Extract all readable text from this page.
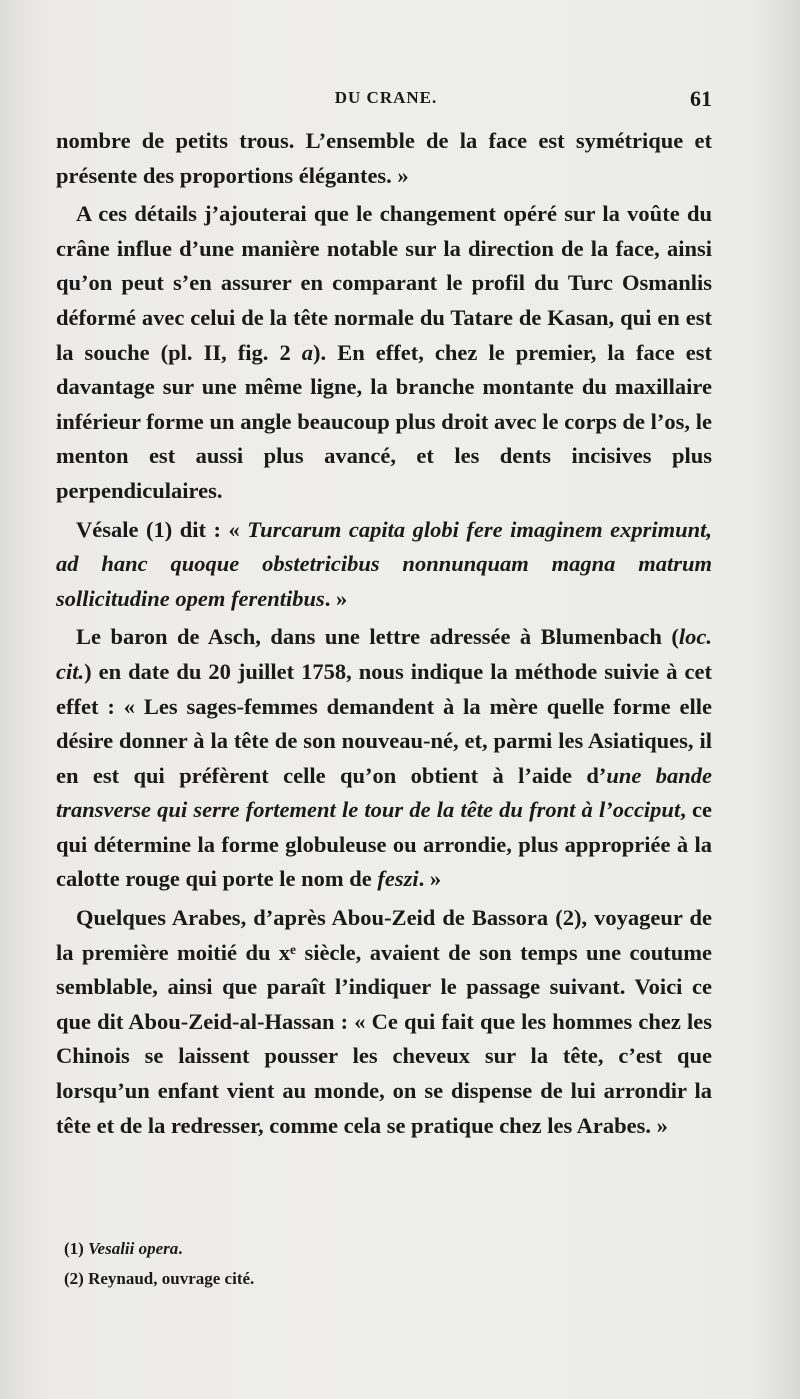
DU CRANE.	61

nombre de petits trous. L’ensemble de la face est symétrique et présente des proportions élégantes. »

A ces détails j’ajouterai que le changement opéré sur la voûte du crâne influe d’une manière notable sur la direction de la face, ainsi qu’on peut s’en assurer en comparant le profil du Turc Osmanlis déformé avec celui de la tête normale du Tatare de Kasan, qui en est la souche (pl. II, fig. 2 a). En effet, chez le premier, la face est davantage sur une même ligne, la branche montante du maxillaire inférieur forme un angle beaucoup plus droit avec le corps de l’os, le menton est aussi plus avancé, et les dents incisives plus perpendiculaires.

Vésale (1) dit : « Turcarum capita globi fere imaginem exprimunt, ad hanc quoque obstetricibus nonnunquam magna matrum sollicitudine opem ferentibus. »

Le baron de Asch, dans une lettre adressée à Blumenbach (loc. cit.) en date du 20 juillet 1758, nous indique la méthode suivie à cet effet : « Les sages-femmes demandent à la mère quelle forme elle désire donner à la tête de son nouveau-né, et, parmi les Asiatiques, il en est qui préfèrent celle qu’on obtient à l’aide d’une bande transverse qui serre fortement le tour de la tête du front à l’occiput, ce qui détermine la forme globuleuse ou arrondie, plus appropriée à la calotte rouge qui porte le nom de feszi. »

Quelques Arabes, d’après Abou-Zeid de Bassora (2), voyageur de la première moitié du xᵉ siècle, avaient de son temps une coutume semblable, ainsi que paraît l’indiquer le passage suivant. Voici ce que dit Abou-Zeid-al-Hassan : « Ce qui fait que les hommes chez les Chinois se laissent pousser les cheveux sur la tête, c’est que lorsqu’un enfant vient au monde, on se dispense de lui arrondir la tête et de la redresser, comme cela se pratique chez les Arabes. »

(1) Vesalii opera.

(2) Reynaud, ouvrage cité.
